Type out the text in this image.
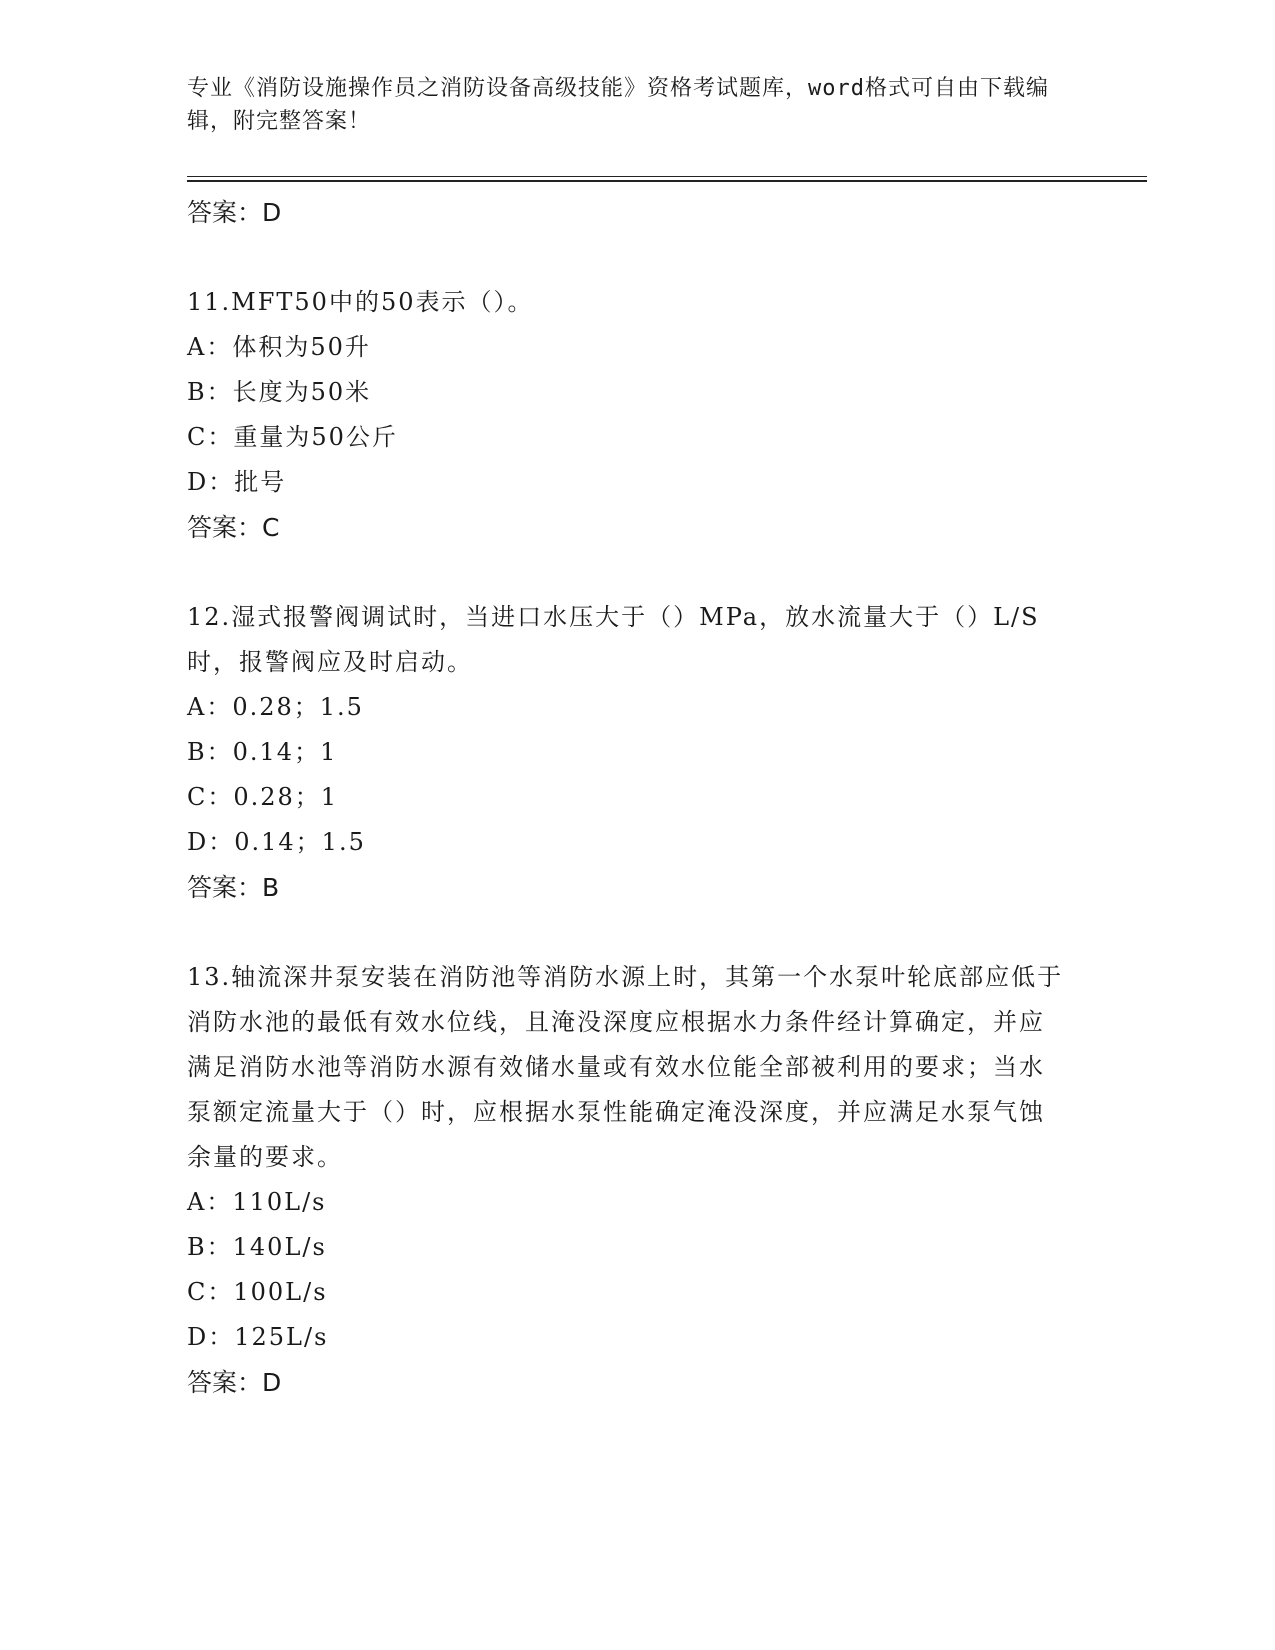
专业《消防设施操作员之消防设备高级技能》资格考试题库，word格式可自由下载编辑，附完整答案！
答案：D
11.MFT50中的50表示（）。
A：体积为50升
B：长度为50米
C：重量为50公斤
D：批号
答案：C
12.湿式报警阀调试时，当进口水压大于（）MPa，放水流量大于（）L/S时，报警阀应及时启动。
A：0.28；1.5
B：0.14；1
C：0.28；1
D：0.14；1.5
答案：B
13.轴流深井泵安装在消防池等消防水源上时，其第一个水泵叶轮底部应低于消防水池的最低有效水位线，且淹没深度应根据水力条件经计算确定，并应满足消防水池等消防水源有效储水量或有效水位能全部被利用的要求；当水泵额定流量大于（）时，应根据水泵性能确定淹没深度，并应满足水泵气蚀余量的要求。
A：110L/s
B：140L/s
C：100L/s
D：125L/s
答案：D
